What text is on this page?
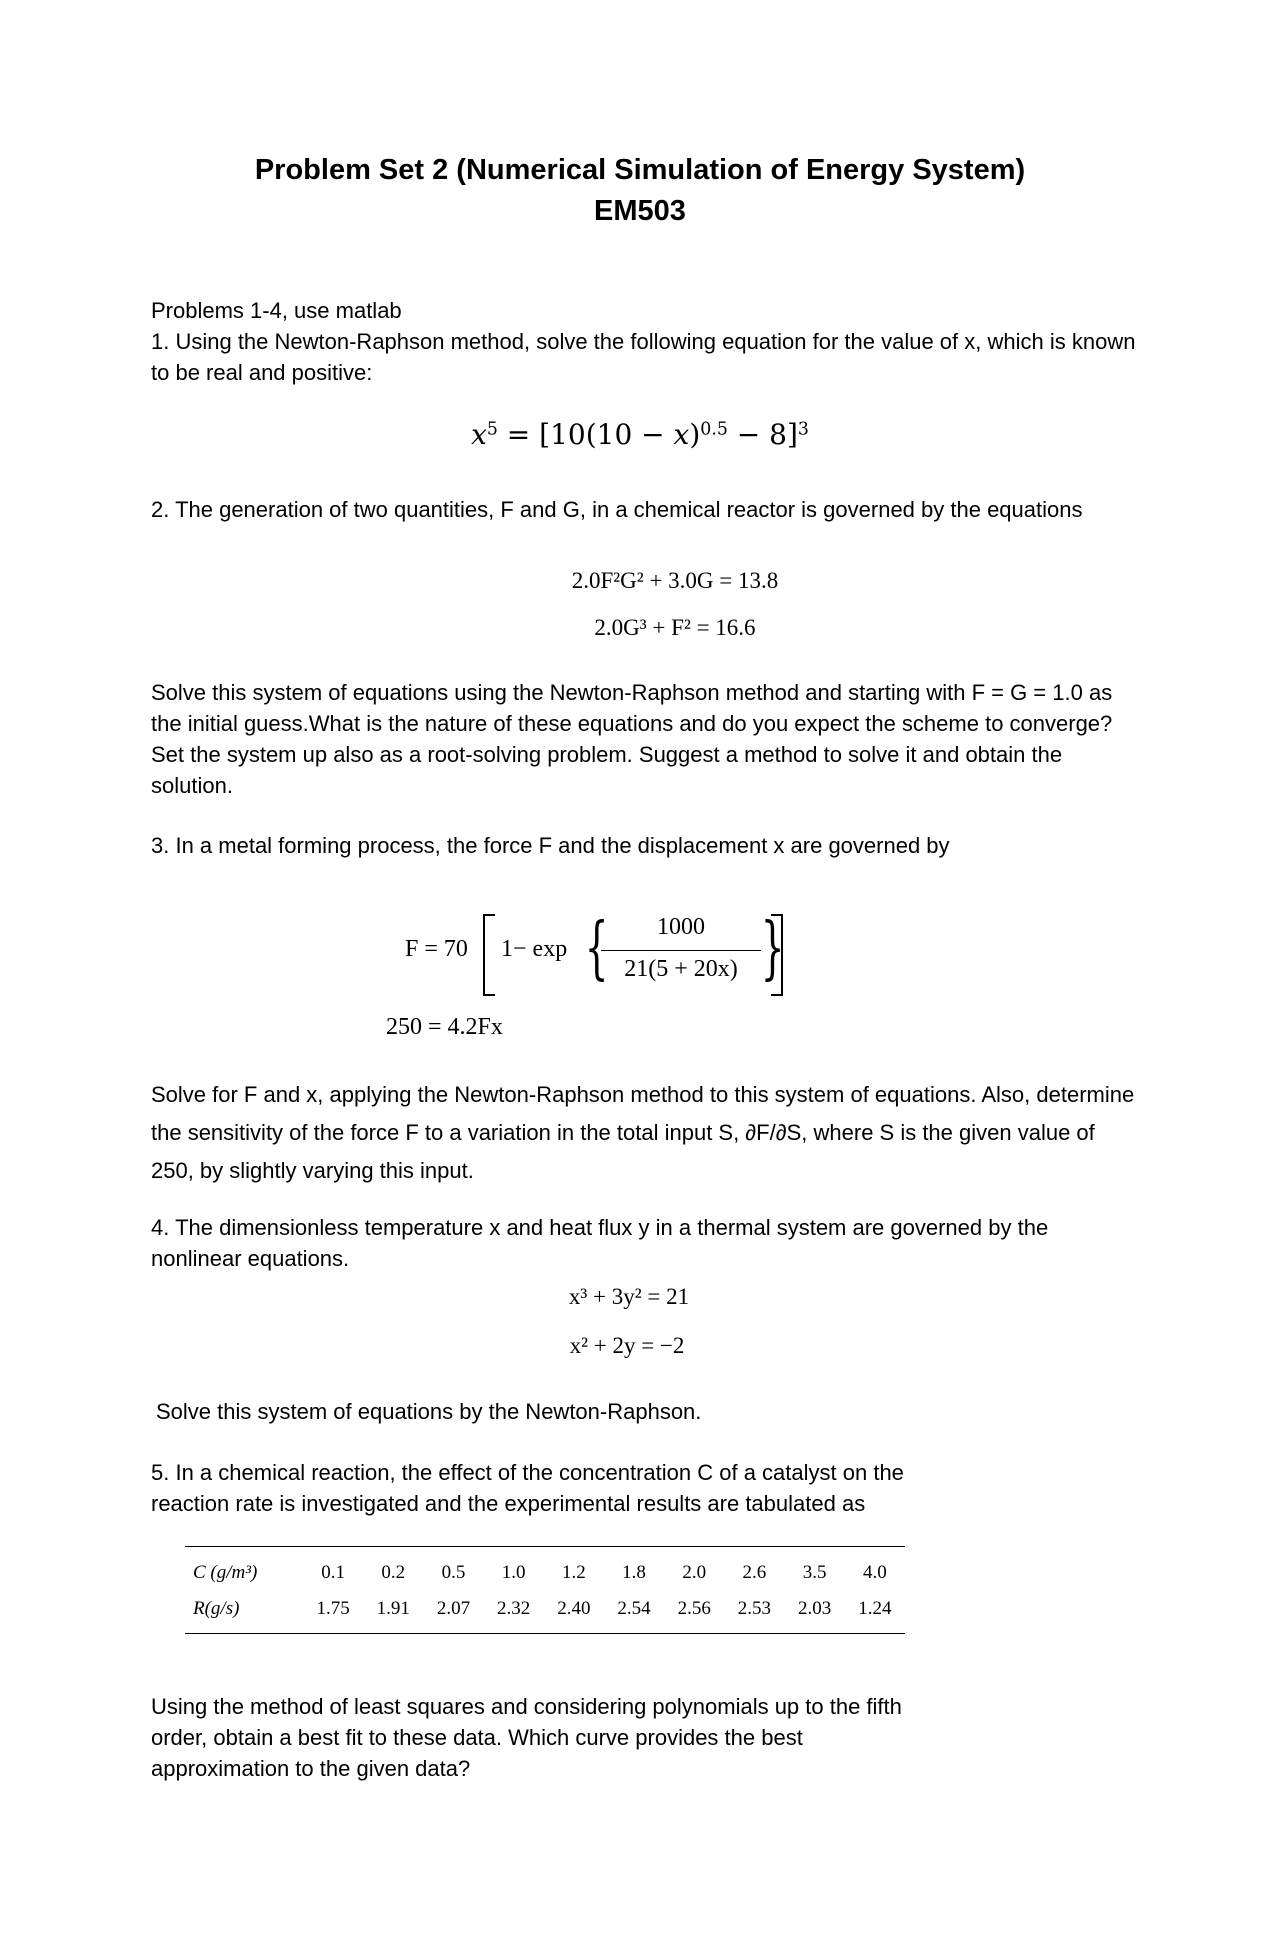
Problem Set 2 (Numerical Simulation of Energy System)
EM503

Problems 1-4, use matlab

1. Using the Newton-Raphson method, solve the following equation for the value of x, which is known to be real and positive:

$x^5 = [10(10 - x)^{0.5} - 8]^3$

2. The generation of two quantities, F and G, in a chemical reactor is governed by the equations

2.0F²G² + 3.0G = 13.8
2.0G³ + F² = 16.6

Solve this system of equations using the Newton-Raphson method and starting with F = G = 1.0 as the initial guess.What is the nature of these equations and do you expect the scheme to converge? Set the system up also as a root-solving problem. Suggest a method to solve it and obtain the solution.

3. In a metal forming process, the force F and the displacement x are governed by

F = 70 1− exp {	1000
21(5 + 20x) }
250 = 4.2Fx

Solve for F and x, applying the Newton-Raphson method to this system of equations. Also, determine the sensitivity of the force F to a variation in the total input S, ∂F/∂S, where S is the given value of 250, by slightly varying this input.

4. The dimensionless temperature x and heat flux y in a thermal system are governed by the nonlinear equations.

x³ + 3y² = 21
x² + 2y = −2

Solve this system of equations by the Newton-Raphson.

5. In a chemical reaction, the effect of the concentration C of a catalyst on the reaction rate is investigated and the experimental results are tabulated as

C (g/m³)	0.1	0.2	0.5	1.0	1.2	1.8	2.0	2.6	3.5	4.0
R(g/s)	1.75	1.91	2.07	2.32	2.40	2.54	2.56	2.53	2.03	1.24

Using the method of least squares and considering polynomials up to the fifth order, obtain a best fit to these data. Which curve provides the best approximation to the given data?
